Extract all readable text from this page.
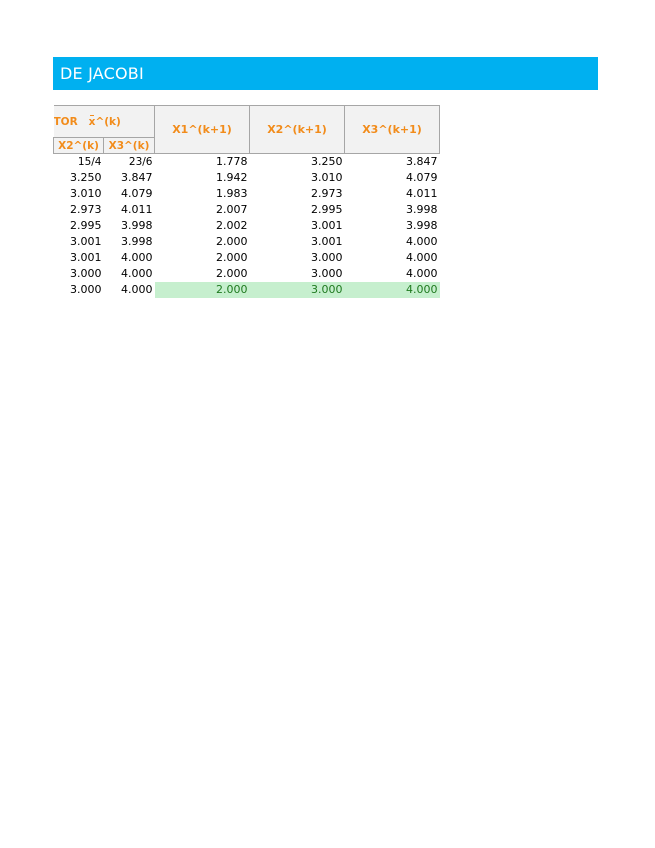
DE JACOBI
TOR x^(k)		X1^(k+1)	X2^(k+1)	X3^(k+1)
X2^(k)	X3^(k)			
15/4	23/6	1.778	3.250	3.847
3.250	3.847	1.942	3.010	4.079
3.010	4.079	1.983	2.973	4.011
2.973	4.011	2.007	2.995	3.998
2.995	3.998	2.002	3.001	3.998
3.001	3.998	2.000	3.001	4.000
3.001	4.000	2.000	3.000	4.000
3.000	4.000	2.000	3.000	4.000
3.000	4.000	2.000	3.000	4.000
